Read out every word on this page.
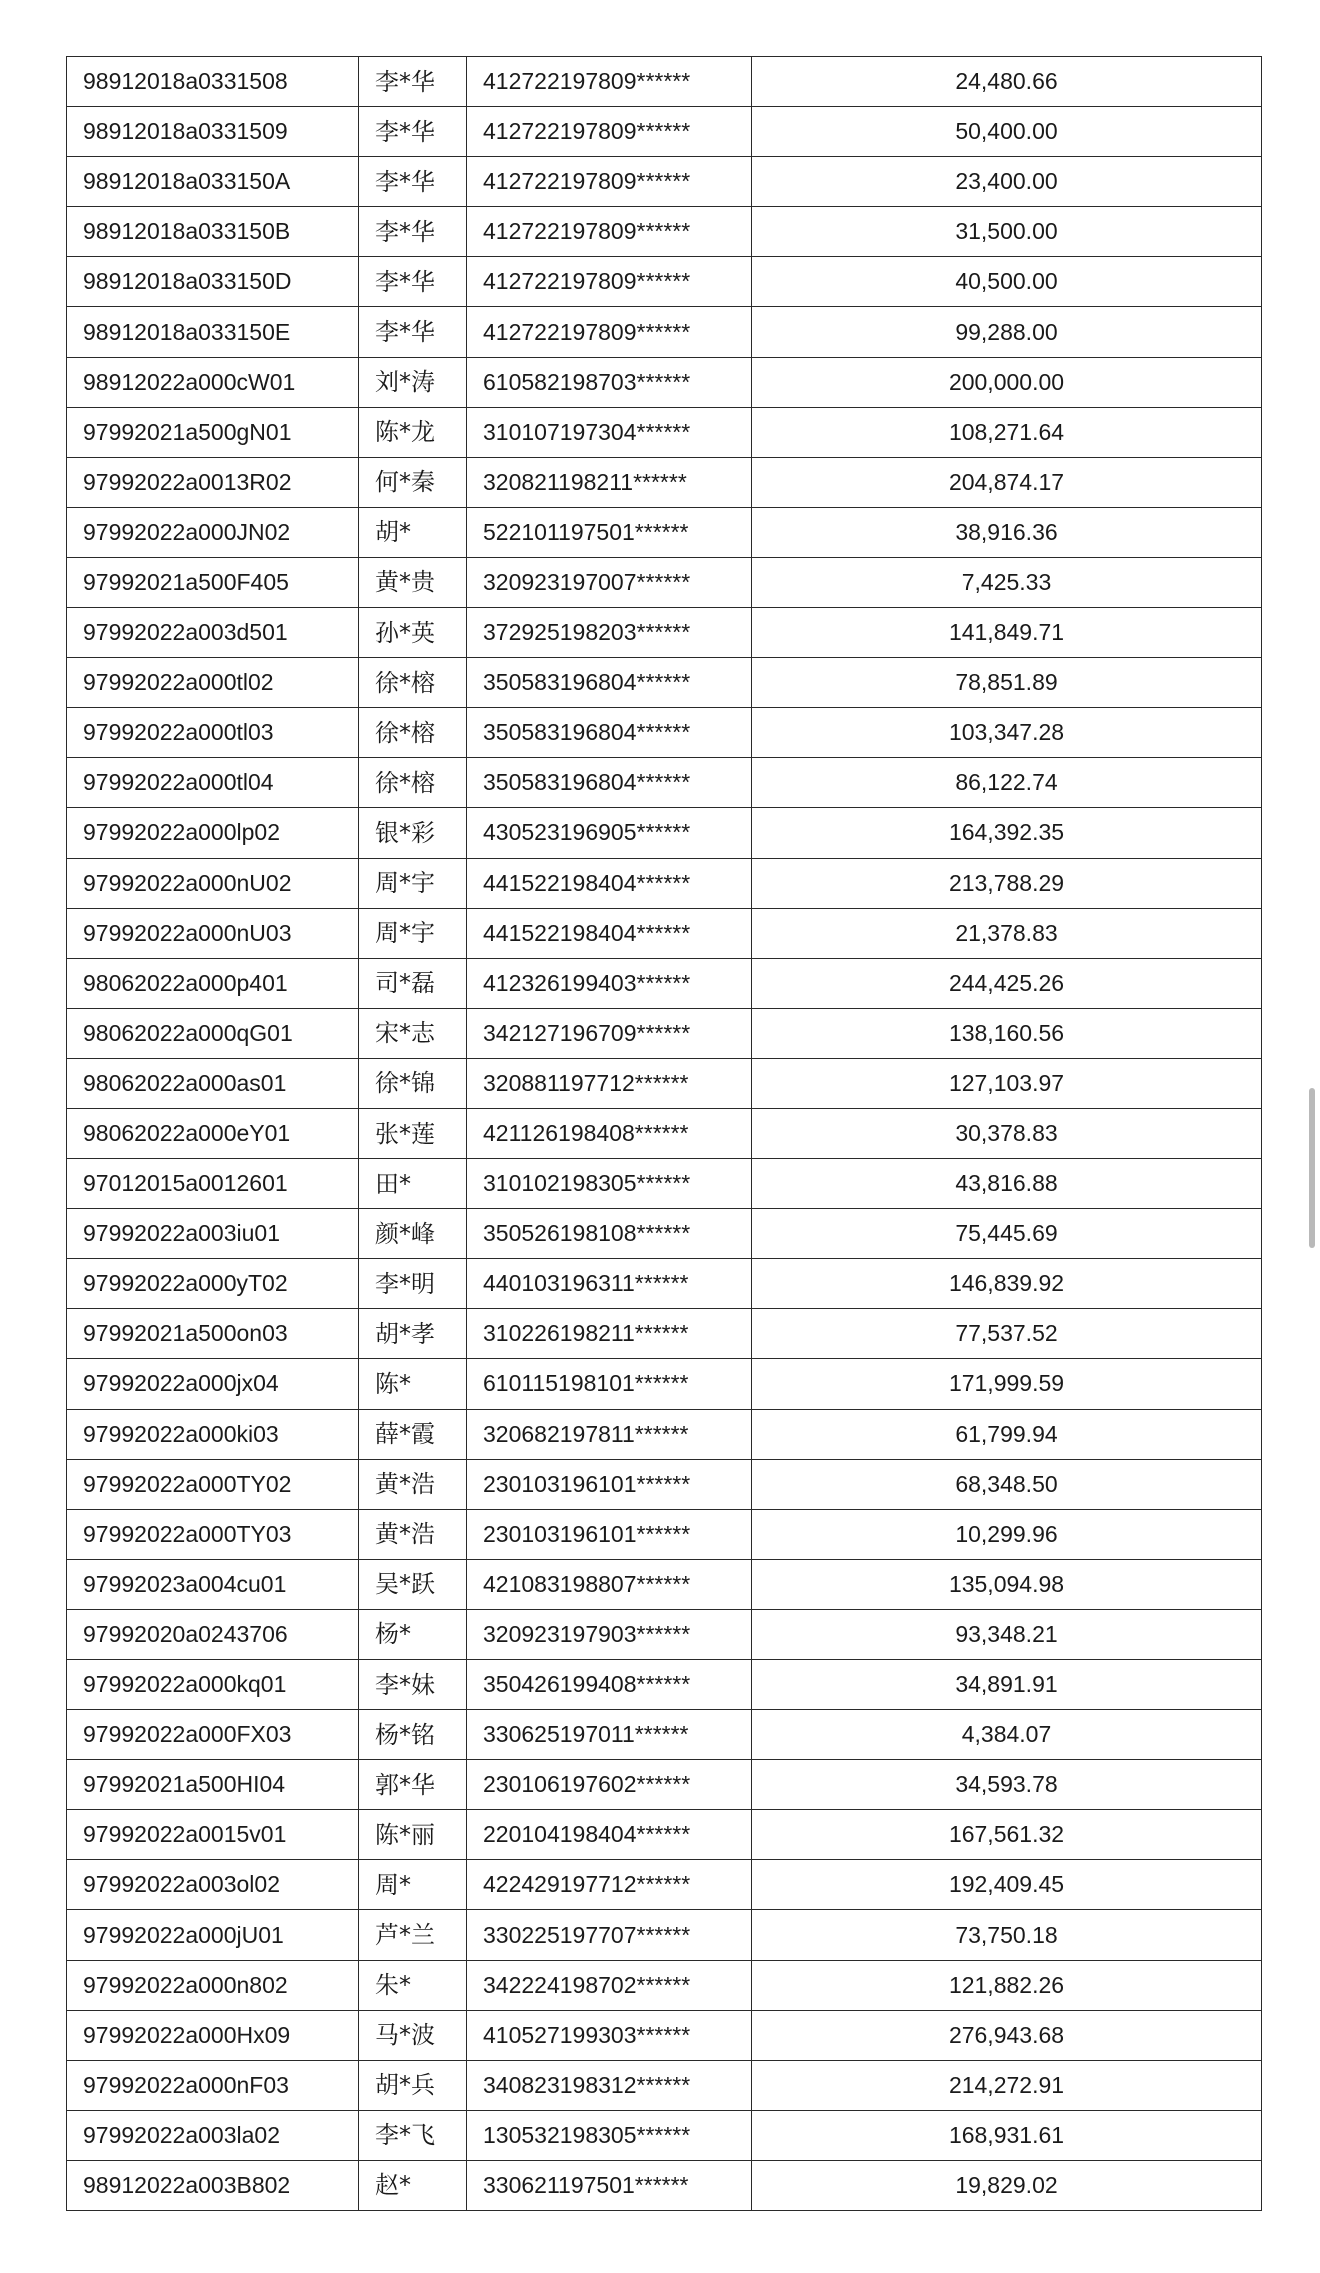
98912018a0331508	李*华	412722197809******	24,480.66
98912018a0331509	李*华	412722197809******	50,400.00
98912018a033150A	李*华	412722197809******	23,400.00
98912018a033150B	李*华	412722197809******	31,500.00
98912018a033150D	李*华	412722197809******	40,500.00
98912018a033150E	李*华	412722197809******	99,288.00
98912022a000cW01	刘*涛	610582198703******	200,000.00
97992021a500gN01	陈*龙	310107197304******	108,271.64
97992022a0013R02	何*秦	320821198211******	204,874.17
97992022a000JN02	胡*	522101197501******	38,916.36
97992021a500F405	黄*贵	320923197007******	7,425.33
97992022a003d501	孙*英	372925198203******	141,849.71
97992022a000tl02	徐*榕	350583196804******	78,851.89
97992022a000tl03	徐*榕	350583196804******	103,347.28
97992022a000tl04	徐*榕	350583196804******	86,122.74
97992022a000lp02	银*彩	430523196905******	164,392.35
97992022a000nU02	周*宇	441522198404******	213,788.29
97992022a000nU03	周*宇	441522198404******	21,378.83
98062022a000p401	司*磊	412326199403******	244,425.26
98062022a000qG01	宋*志	342127196709******	138,160.56
98062022a000as01	徐*锦	320881197712******	127,103.97
98062022a000eY01	张*莲	421126198408******	30,378.83
97012015a0012601	田*	310102198305******	43,816.88
97992022a003iu01	颜*峰	350526198108******	75,445.69
97992022a000yT02	李*明	440103196311******	146,839.92
97992021a500on03	胡*孝	310226198211******	77,537.52
97992022a000jx04	陈*	610115198101******	171,999.59
97992022a000ki03	薛*霞	320682197811******	61,799.94
97992022a000TY02	黄*浩	230103196101******	68,348.50
97992022a000TY03	黄*浩	230103196101******	10,299.96
97992023a004cu01	吴*跃	421083198807******	135,094.98
97992020a0243706	杨*	320923197903******	93,348.21
97992022a000kq01	李*妹	350426199408******	34,891.91
97992022a000FX03	杨*铭	330625197011******	4,384.07
97992021a500HI04	郭*华	230106197602******	34,593.78
97992022a0015v01	陈*丽	220104198404******	167,561.32
97992022a003ol02	周*	422429197712******	192,409.45
97992022a000jU01	芦*兰	330225197707******	73,750.18
97992022a000n802	朱*	342224198702******	121,882.26
97992022a000Hx09	马*波	410527199303******	276,943.68
97992022a000nF03	胡*兵	340823198312******	214,272.91
97992022a003la02	李*飞	130532198305******	168,931.61
98912022a003B802	赵*	330621197501******	19,829.02
